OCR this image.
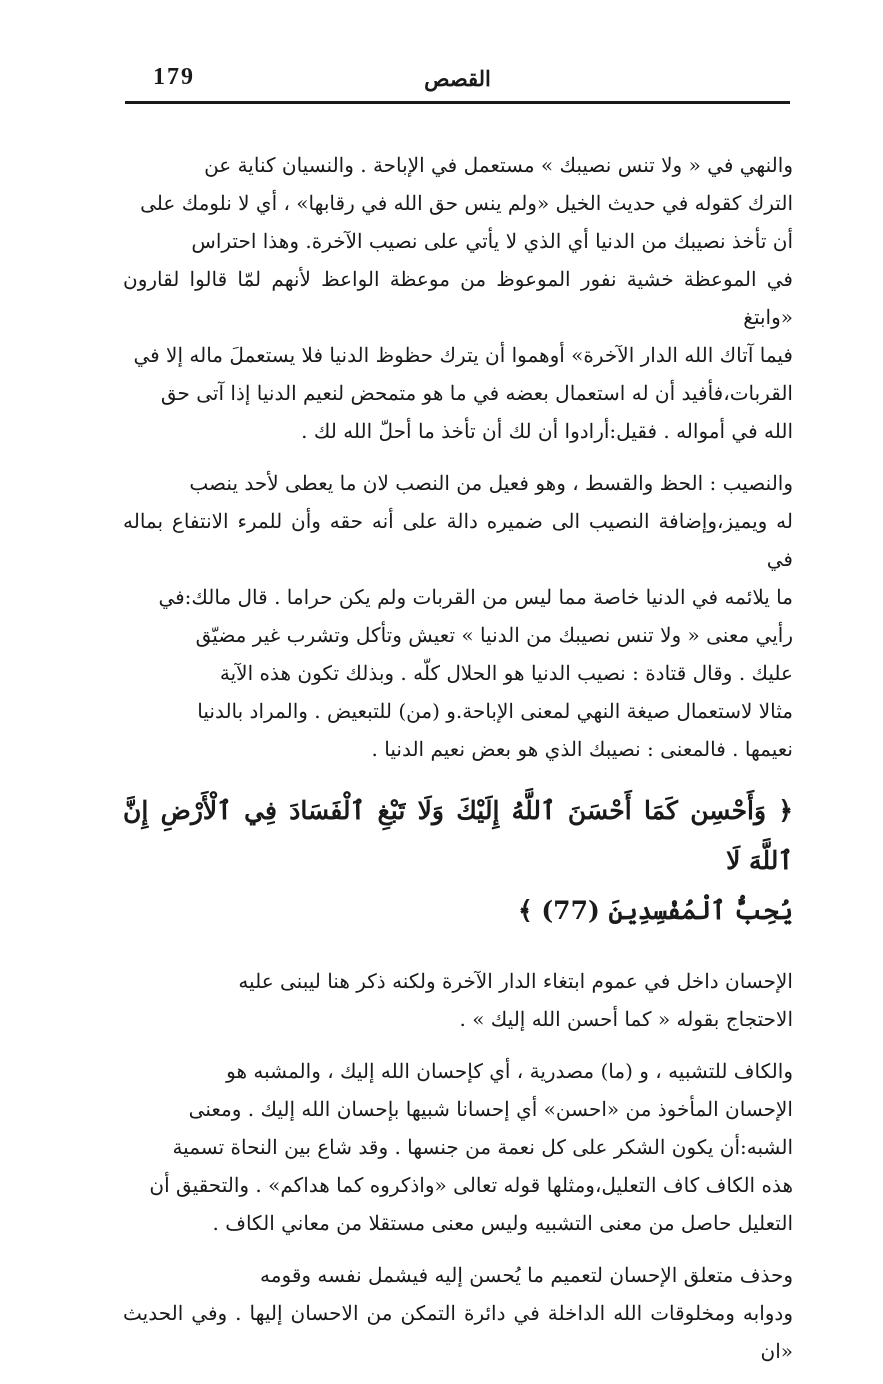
179	القصص
والنهي في « ولا تنس نصيبك » مستعمل في الإباحة . والنسيان كناية عن
الترك كقوله في حديث الخيل «ولم ينس حق الله في رقابها» ، أي لا نلومك على
أن تأخذ نصيبك من الدنيا أي الذي لا يأتي على نصيب الآخرة. وهذا احتراس
في الموعظة خشية نفور الموعوظ من موعظة الواعظ لأنهم لمّا قالوا لقارون «وابتغ
فيما آتاك الله الدار الآخرة» أوهموا أن يترك حظوظ الدنيا فلا يستعملَ ماله إلا في
القربات،فأفيد أن له استعمال بعضه في ما هو متمحض لنعيم الدنيا إذا آتى حق
الله في أمواله . فقيل:أرادوا أن لك أن تأخذ ما أحلّ الله لك .
والنصيب : الحظ والقسط ، وهو فعيل من النصب لان ما يعطى لأحد ينصب
له ويميز،وإضافة النصيب الى ضميره دالة على أنه حقه وأن للمرء الانتفاع بماله في
ما يلائمه في الدنيا خاصة مما ليس من القربات ولم يكن حراما . قال مالك:في
رأيي معنى « ولا تنس نصيبك من الدنيا » تعيش وتأكل وتشرب غير مضيّق
عليك . وقال قتادة : نصيب الدنيا هو الحلال كلّه . وبذلك تكون هذه الآية
مثالا لاستعمال صيغة النهي لمعنى الإباحة.و (من) للتبعيض . والمراد بالدنيا
نعيمها . فالمعنى : نصيبك الذي هو بعض نعيم الدنيا .
﴿ وَأَحْسِن كَمَا أَحْسَنَ ٱللَّهُ إِلَيْكَ وَلَا تَبْغِ ٱلْفَسَادَ فِي ٱلْأَرْضِ إِنَّ ٱللَّهَ لَا
يُحِبُّ ٱلْمُفْسِدِينَ (77) ﴾
الإحسان داخل في عموم ابتغاء الدار الآخرة ولكنه ذكر هنا ليبنى عليه
الاحتجاج بقوله « كما أحسن الله إليك » .
والكاف للتشبيه ، و (ما) مصدرية ، أي كإحسان الله إليك ، والمشبه هو
الإحسان المأخوذ من «احسن» أي إحسانا شبيها بإحسان الله إليك . ومعنى
الشبه:أن يكون الشكر على كل نعمة من جنسها . وقد شاع بين النحاة تسمية
هذه الكاف كاف التعليل،ومثلها قوله تعالى «واذكروه كما هداكم» . والتحقيق أن
التعليل حاصل من معنى التشبيه وليس معنى مستقلا من معاني الكاف .
وحذف متعلق الإحسان لتعميم ما يُحسن إليه فيشمل نفسه وقومه
ودوابه ومخلوقات الله الداخلة في دائرة التمكن من الاحسان إليها . وفي الحديث «ان
